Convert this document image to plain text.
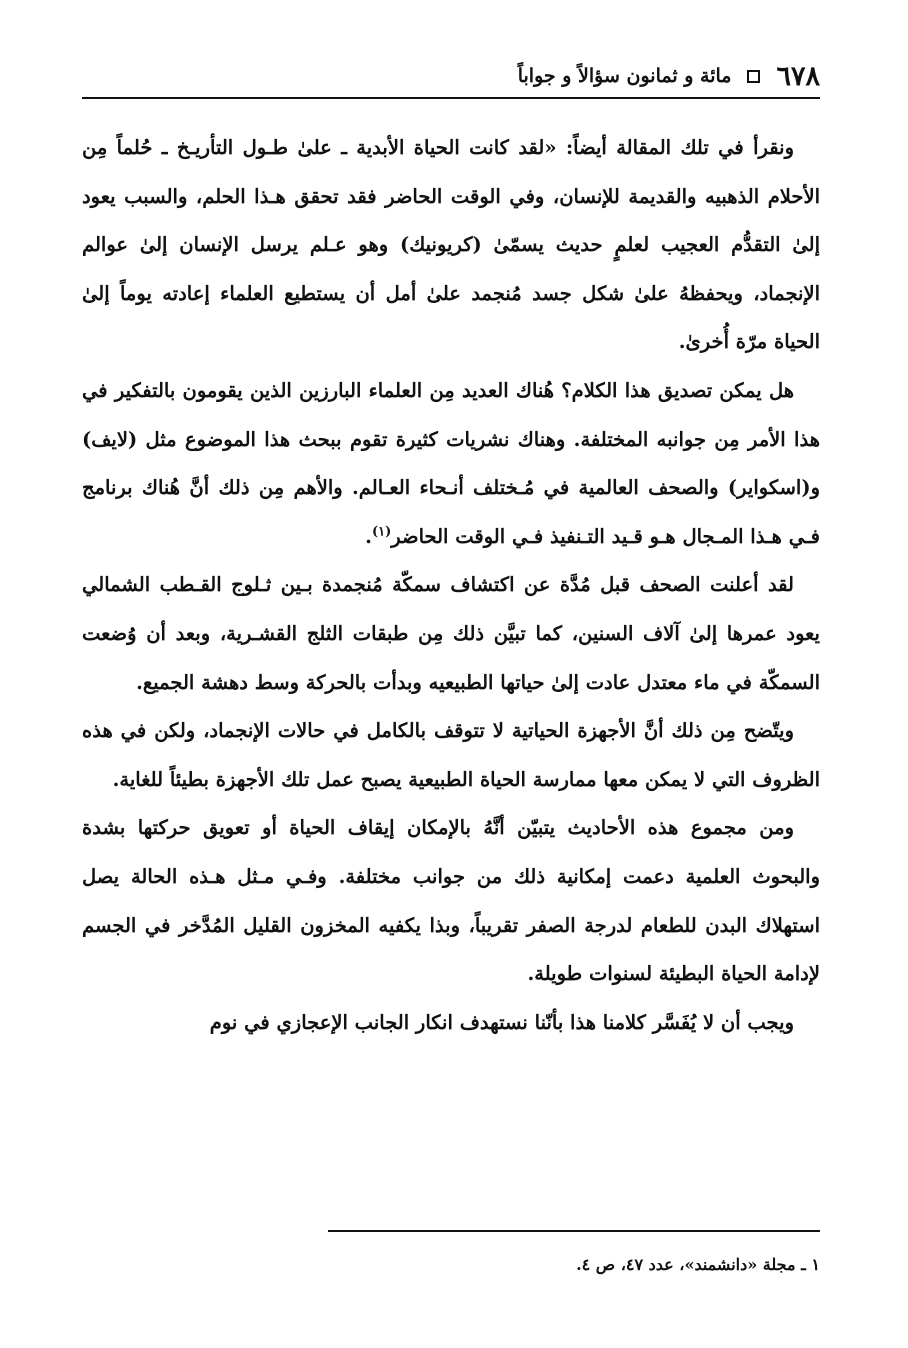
٦٧٨
مائة و ثمانون سؤالاً و جواباً

ونقرأ في تلك المقالة أيضاً: «لقد كانت الحياة الأبدية ـ علىٰ طـول التأريـخ ـ حُلماً مِن الأحلام الذهبيه والقديمة للإنسان، وفي الوقت الحاضر فقد تحقق هـذا الحلم، والسبب يعود إلىٰ التقدُّم العجيب لعلمٍ حديث يسمّىٰ (كريونيك) وهو عـلم يرسل الإنسان إلىٰ عوالم الإنجماد، ويحفظهُ علىٰ شكل جسد مُنجمد علىٰ أمل أن يستطيع العلماء إعادته يوماً إلىٰ الحياة مرّة أُخرىٰ.

هل يمكن تصديق هذا الكلام؟ هُناك العديد مِن العلماء البارزين الذين يقومون بالتفكير في هذا الأمر مِن جوانبه المختلفة. وهناك نشريات كثيرة تقوم ببحث هذا الموضوع مثل (لايف) و(اسكواير) والصحف العالمية في مُـختلف أنـحاء العـالم. والأهم مِن ذلك أنَّ هُناك برنامج فـي هـذا المـجال هـو قـيد التـنفيذ فـي الوقت الحاضر$^{(١)}$.

لقد أعلنت الصحف قبل مُدَّة عن اكتشاف سمكّة مُنجمدة بـين ثـلوج القـطب الشمالي يعود عمرها إلىٰ آلاف السنين، كما تبيَّن ذلك مِن طبقات الثلج القشـرية، وبعد أن وُضعت السمكّة في ماء معتدل عادت إلىٰ حياتها الطبيعيه وبدأت بالحركة وسط دهشة الجميع.

ويتّضح مِن ذلك أنَّ الأجهزة الحياتية لا تتوقف بالكامل في حالات الإنجماد، ولكن في هذه الظروف التي لا يمكن معها ممارسة الحياة الطبيعية يصبح عمل تلك الأجهزة بطيئاً للغاية.

ومن مجموع هذه الأحاديث يتبيّن أنَّهُ بالإمكان إيقاف الحياة أو تعويق حركتها بشدة والبحوث العلمية دعمت إمكانية ذلك من جوانب مختلفة. وفـي مـثل هـذه الحالة يصل استهلاك البدن للطعام لدرجة الصفر تقريباً، وبذا يكفيه المخزون القليل المُدَّخر في الجسم لإدامة الحياة البطيئة لسنوات طويلة.

ويجب أن لا يُفَسَّر كلامنا هذا بأنّنا نستهدف انكار الجانب الإعجازي في نوم

١ ـ مجلة «دانشمند»، عدد ٤٧، ص ٤.
